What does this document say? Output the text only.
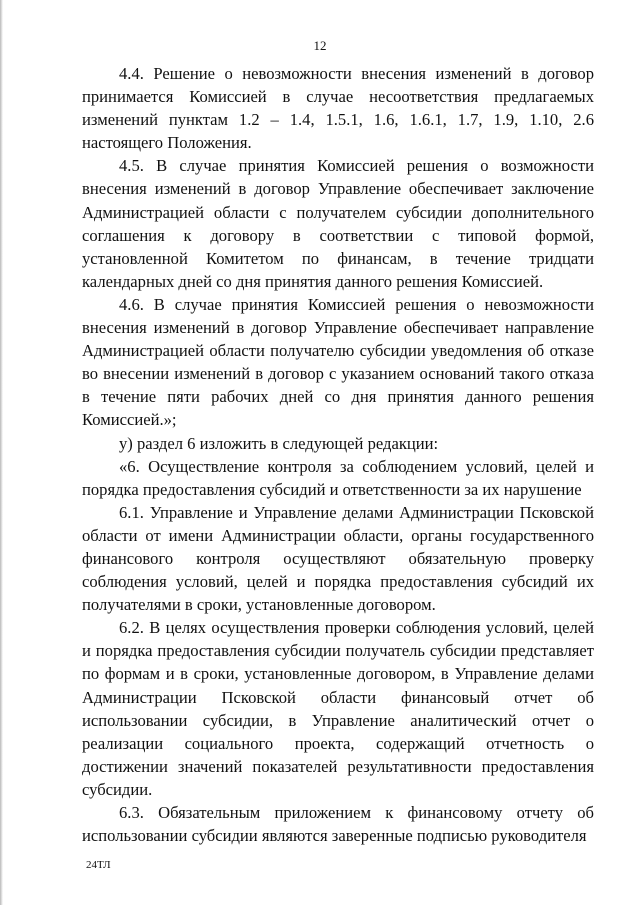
12

4.4. Решение о невозможности внесения изменений в договор принимается Комиссией в случае несоответствия предлагаемых изменений пунктам 1.2 – 1.4, 1.5.1, 1.6, 1.6.1, 1.7, 1.9, 1.10, 2.6 настоящего Положения.

4.5. В случае принятия Комиссией решения о возможности внесения изменений в договор Управление обеспечивает заключение Администрацией области с получателем субсидии дополнительного соглашения к договору в соответствии с типовой формой, установленной Комитетом по финансам, в течение тридцати календарных дней со дня принятия данного решения Комиссией.

4.6. В случае принятия Комиссией решения о невозможности внесения изменений в договор Управление обеспечивает направление Администрацией области получателю субсидии уведомления об отказе во внесении изменений в договор с указанием оснований такого отказа в течение пяти рабочих дней со дня принятия данного решения Комиссией.»;

у) раздел 6 изложить в следующей редакции:

«6. Осуществление контроля за соблюдением условий, целей и порядка предоставления субсидий и ответственности за их нарушение

6.1. Управление и Управление делами Администрации Псковской области от имени Администрации области, органы государственного финансового контроля осуществляют обязательную проверку соблюдения условий, целей и порядка предоставления субсидий их получателями в сроки, установленные договором.

6.2. В целях осуществления проверки соблюдения условий, целей и порядка предоставления субсидии получатель субсидии представляет по формам и в сроки, установленные договором, в Управление делами Администрации Псковской области финансовый отчет об использовании субсидии, в Управление аналитический отчет о реализации социального проекта, содержащий отчетность о достижении значений показателей результативности предоставления субсидии.

6.3. Обязательным приложением к финансовому отчету об использовании субсидии являются заверенные подписью руководителя

24ТЛ
